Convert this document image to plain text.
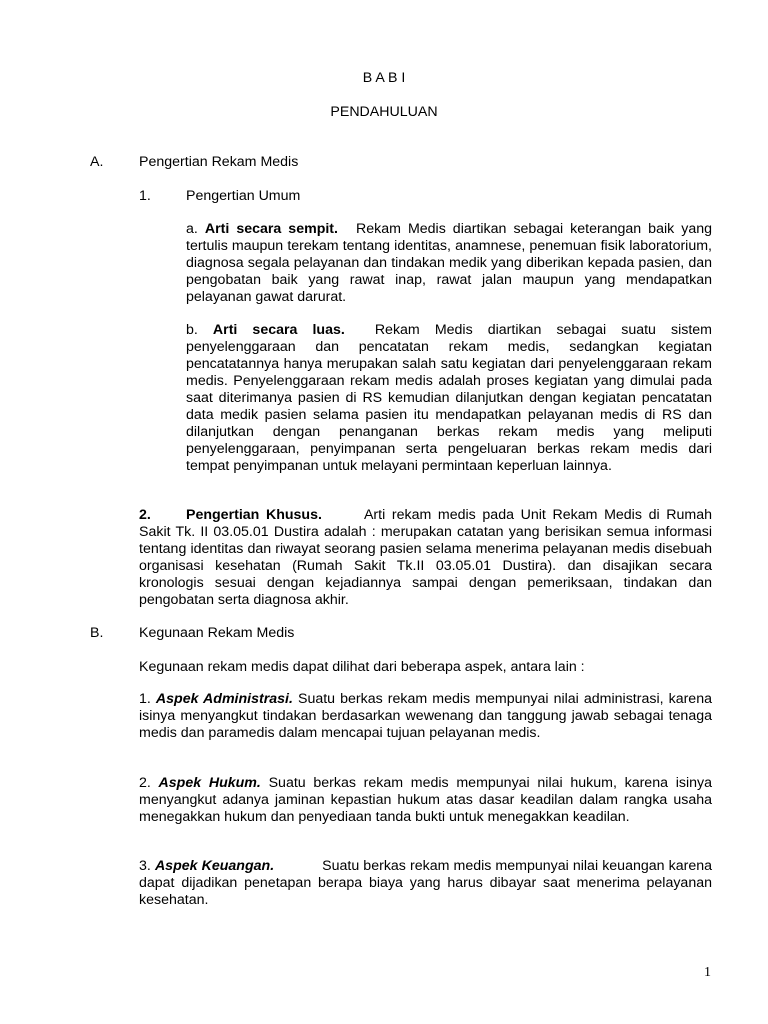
B A B I
PENDAHULUAN
A.	Pengertian Rekam Medis
1. Pengertian Umum

a. Arti secara sempit. Rekam Medis diartikan sebagai keterangan baik yang tertulis maupun terekam tentang identitas, anamnese, penemuan fisik laboratorium, diagnosa segala pelayanan dan tindakan medik yang diberikan kepada pasien, dan pengobatan baik yang rawat inap, rawat jalan maupun yang mendapatkan pelayanan gawat darurat.

b. Arti secara luas. Rekam Medis diartikan sebagai suatu sistem penyelenggaraan dan pencatatan rekam medis, sedangkan kegiatan pencatatannya hanya merupakan salah satu kegiatan dari penyelenggaraan rekam medis. Penyelenggaraan rekam medis adalah proses kegiatan yang dimulai pada saat diterimanya pasien di RS kemudian dilanjutkan dengan kegiatan pencatatan data medik pasien selama pasien itu mendapatkan pelayanan medis di RS dan dilanjutkan dengan penanganan berkas rekam medis yang meliputi penyelenggaraan, penyimpanan serta pengeluaran berkas rekam medis dari tempat penyimpanan untuk melayani permintaan keperluan lainnya.

2. Pengertian Khusus.	Arti rekam medis pada Unit Rekam Medis di Rumah Sakit Tk. II 03.05.01 Dustira adalah : merupakan catatan yang berisikan semua informasi tentang identitas dan riwayat seorang pasien selama menerima pelayanan medis disebuah organisasi kesehatan (Rumah Sakit Tk.II 03.05.01 Dustira). dan disajikan secara kronologis sesuai dengan kejadiannya sampai dengan pemeriksaan, tindakan dan pengobatan serta diagnosa akhir.

B.	Kegunaan Rekam Medis
Kegunaan rekam medis dapat dilihat dari beberapa aspek, antara lain :

1. Aspek Administrasi. Suatu berkas rekam medis mempunyai nilai administrasi, karena isinya menyangkut tindakan berdasarkan wewenang dan tanggung jawab sebagai tenaga medis dan paramedis dalam mencapai tujuan pelayanan medis.

2. Aspek Hukum. Suatu berkas rekam medis mempunyai nilai hukum, karena isinya menyangkut adanya jaminan kepastian hukum atas dasar keadilan dalam rangka usaha menegakkan hukum dan penyediaan tanda bukti untuk menegakkan keadilan.

3. Aspek Keuangan.	Suatu berkas rekam medis mempunyai nilai keuangan karena dapat dijadikan penetapan berapa biaya yang harus dibayar saat menerima pelayanan kesehatan.

1
